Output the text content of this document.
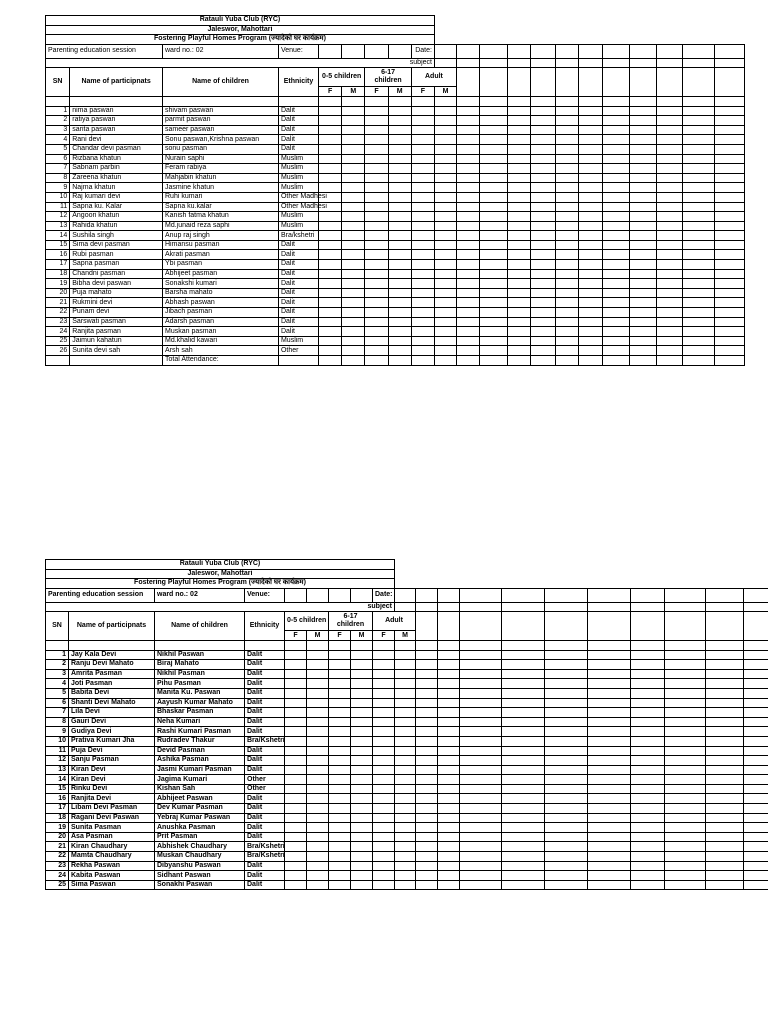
Ratauli Yuba Club (RYC)																				
Jaleswor, Mahottari																				
Fostering Playful Homes Program (ज्यादेको घर कार्यक्रम)																				
Parenting education session		ward no.: 02	Venue:					Date:												
subject																				
SN	Name of participnats	Name of children	Ethnicity	0-5 children		6-17 children		Adult												
				F	M	F	M	F	M											

1	nima paswan	shivam paswan	Dalit																	
2	ratiya paswan	parmit paswan	Dalit																	
3	sarita paswan	sameer paswan	Dalit																	
4	Rani devi	Sonu paswan,Krishna paswan	Dalit																	
5	Chandar devi pasman	sonu pasman	Dalit																	
6	Rizbana khatun	Nurain saphi	Muslim																	
7	Sabnam parbin	Feram rabiya	Muslim																	
8	Zareena khatun	Mahjabin khatun	Muslim																	
9	Najma khatun	Jasmine khatun	Muslim																	
10	Raj kumari devi	Ruhi kumari	Other Madhesi																	
11	Sapna ku. Kalar	Sapna ku.kalar	Other Madhesi																	
12	Angoori khatun	Kanish fatma khatun	Muslim																	
13	Rahida khatun	Md.junaid reza saphi	Muslim																	
14	Sushila singh	Anup raj singh	Bra/kshetri																	
15	Sima devi pasman	Himansu pasman	Dalit																	
16	Rubi pasman	Akrati pasman	Dalit																	
17	Sapna pasman	Ybi pasman	Dalit																	
18	Chandni pasman	Abhijeet pasman	Dalit																	
19	Bibha devi paswan	Sonakshi kumari	Dalit																	
20	Puja mahato	Barsha mahato	Dalit																	
21	Rukmini devi	Abhash paswan	Dalit																	
22	Punam devi	Jibach pasman	Dalit																	
23	Sarswati pasman	Adarsh pasman	Dalit																	
24	Ranjita pasman	Muskan pasman	Dalit																	
25	Jaimun kahatun	Md.khalid kawari	Muslim																	
26	Sunita devi sah	Arsh sah	Other																	
		Total Attendance:																		
Ratauli Yuba Club (RYC)																				
Jaleswor, Mahottari																				
Fostering Playful Homes Program (ज्यादेको घर कार्यक्रम)																				
Parenting education session		ward no.: 02	Venue:					Date:												
subject																				
SN	Name of participnats	Name of children	Ethnicity	0-5 children		6-17 children		Adult												
				F	M	F	M	F	M											

1	Jay Kala Devi	Nikhil Paswan	Dalit																	
2	Ranju Devi Mahato	Biraj Mahato	Dalit																	
3	Amrita Pasman	Nikhil Pasman	Dalit																	
4	Joti Pasman	Pihu Pasman	Dalit																	
5	Babita Devi	Manita Ku. Paswan	Dalit																	
6	Shanti Devi Mahato	Aayush Kumar Mahato	Dalit																	
7	Lila Devi	Bhaskar Pasman	Dalit																	
8	Gauri Devi	Neha Kumari	Dalit																	
9	Gudiya Devi	Rashi Kumari Pasman	Dalit																	
10	Prativa Kumari Jha	Rudradev Thakur	Bra/Kshetri																	
11	Puja Devi	Devid Pasman	Dalit																	
12	Sanju Pasman	Ashika Pasman	Dalit																	
13	Kiran Devi	Jasmi Kumari Pasman	Dalit																	
14	Kiran Devi	Jagima Kumari	Other																	
15	Rinku Devi	Kishan Sah	Other																	
16	Ranjita Devi	Abhijeet Paswan	Dalit																	
17	Libam Devi Pasman	Dev Kumar Pasman	Dalit																	
18	Ragani Devi Paswan	Yebraj Kumar Paswan	Dalit																	
19	Sunita Pasman	Anushka Pasman	Dalit																	
20	Asa Pasman	Prit Pasman	Dalit																	
21	Kiran Chaudhary	Abhishek Chaudhary	Bra/Kshetri																	
22	Mamta Chaudhary	Muskan Chaudhary	Bra/Kshetri																	
23	Rekha Paswan	Dibyanshu Paswan	Dalit																	
24	Kabita Paswan	Sidhant Paswan	Dalit																	
25	Sima Paswan	Sonakhi Paswan	Dalit																	
